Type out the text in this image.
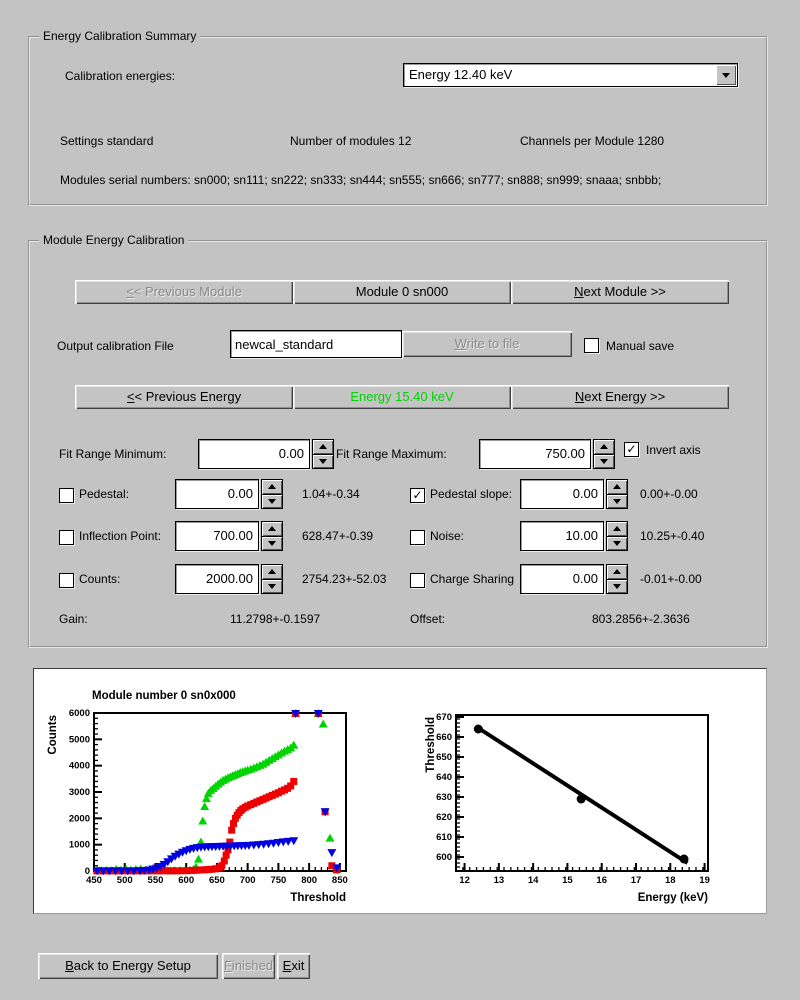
Energy Calibration Summary
Calibration energies:	Energy 12.40 keV
Settings standard	Number of modules 12	Channels per Module 1280
Modules serial numbers: sn000; sn111; sn222; sn333; sn444; sn555; sn666; sn777; sn888; sn999; snaaa; snbbb;
Module Energy Calibration
<< Previous Module	Module 0 sn000	Next Module >>
Output calibration File
newcal_standard	Write to file	Manual save
<< Previous Energy	Energy 15.40 keV	Next Energy >>
Fit Range Minimum:	0.00	Fit Range Maximum:	750.00	✓ Invert axis
Pedestal:	0.00	1.04+-0.34	✓ Pedestal slope:	0.00	0.00+-0.00
Inflection Point:	700.00	628.47+-0.39	Noise:	10.00	10.25+-0.40
Counts:	2000.00	2754.23+-52.03	Charge Sharing	0.00	-0.01+-0.00
Gain:	11.2798+-0.1597	Offset:	803.2856+-2.3636
450 500 550 600 650 700 750 800 850
0
1000
2000
3000
4000
5000
6000
Module number 0 sn0x000
Threshold
Counts
12 13 14 15 16 17 18 19
600
610
620
630
640
650
660
670
Energy (keV)
Threshold
Back to Energy Setup	Finished Exit
